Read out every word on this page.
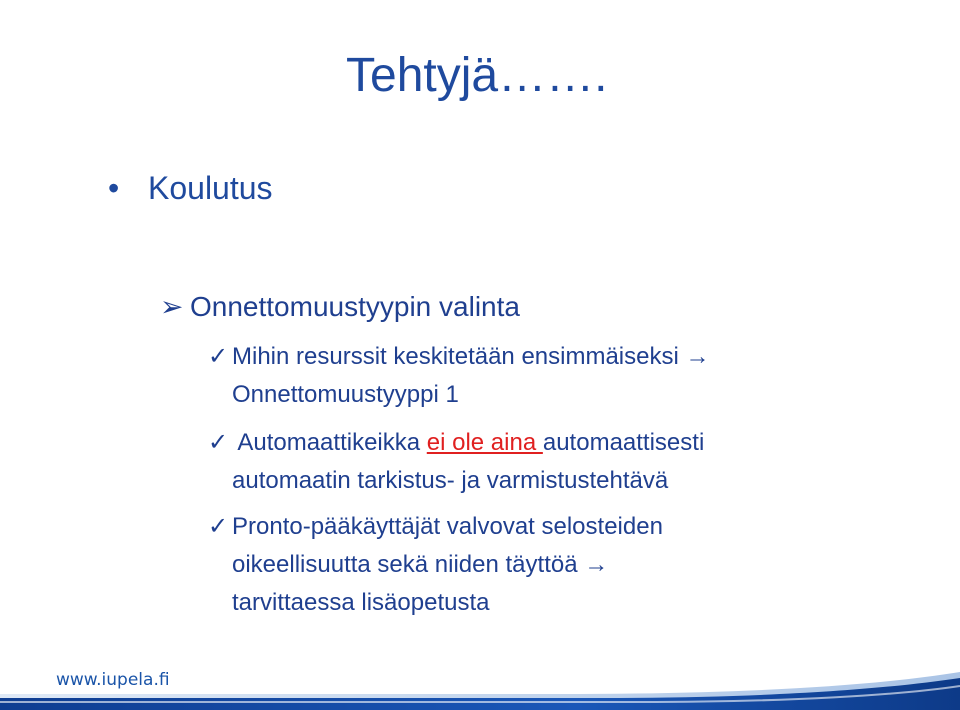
Tehtyjä…….
• Koulutus
➢ Onnettomuustyypin valinta
✓ Mihin resurssit keskitetään ensimmäiseksi →
Onnettomuustyyppi 1
✓ Automaattikeikka ei ole aina automaattisesti
automaatin tarkistus- ja varmistustehtävä
✓ Pronto-pääkäyttäjät valvovat selosteiden
oikeellisuutta sekä niiden täyttöä →
tarvittaessa lisäopetusta
www.iupela.fi
